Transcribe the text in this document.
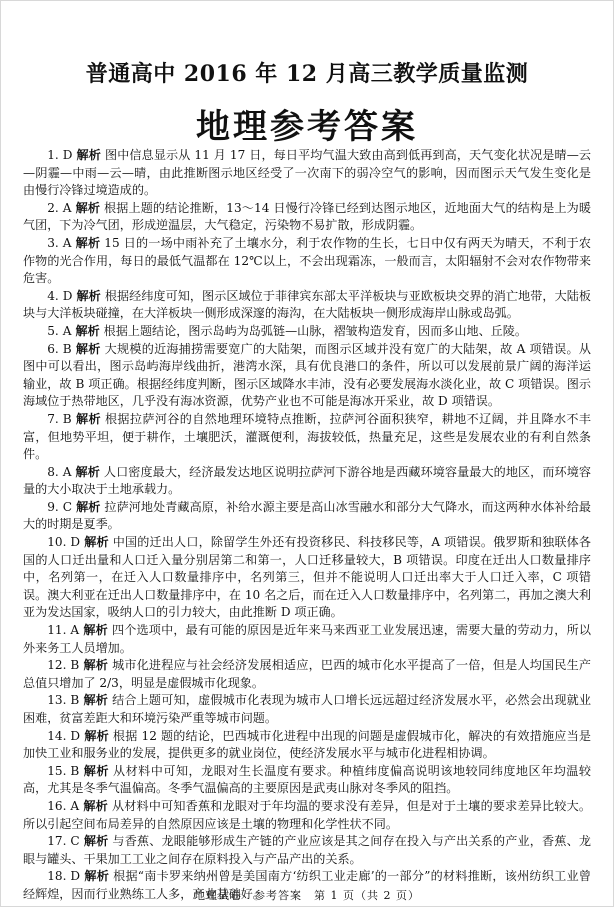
普通高中 2016 年 12 月高三教学质量监测
地理参考答案

1. D 解析 图中信息显示从 11 月 17 日，每日平均气温大致由高到低再到高，天气变化状况是晴—云—阴霾—中雨—云—晴，由此推断图示地区经受了一次南下的弱冷空气的影响，因而图示天气发生变化是由慢行冷锋过境造成的。

2. A 解析 根据上题的结论推断，13～14 日慢行冷锋已经到达图示地区，近地面大气的结构是上为暖气团，下为冷气团，形成逆温层，大气稳定，污染物不易扩散，形成阴霾。

3. A 解析 15 日的一场中雨补充了土壤水分，利于农作物的生长，七日中仅有两天为晴天，不利于农作物的光合作用，每日的最低气温都在 12℃以上，不会出现霜冻，一般而言，太阳辐射不会对农作物带来危害。

4. D 解析 根据经纬度可知，图示区域位于菲律宾东部太平洋板块与亚欧板块交界的消亡地带，大陆板块与大洋板块碰撞，在大洋板块一侧形成深邃的海沟，在大陆板块一侧形成海岸山脉或岛弧。

5. A 解析 根据上题结论，图示岛屿为岛弧链—山脉，褶皱构造发育，因而多山地、丘陵。

6. B 解析 大规模的近海捕捞需要宽广的大陆架，而图示区域并没有宽广的大陆架，故 A 项错误。从图中可以看出，图示岛屿海岸线曲折，港湾水深，具有优良港口的条件，所以可以发展前景广阔的海洋运输业，故 B 项正确。根据经纬度判断，图示区域降水丰沛，没有必要发展海水淡化业，故 C 项错误。图示海域位于热带地区，几乎没有海冰资源，优势产业也不可能是海冰开采业，故 D 项错误。

7. B 解析 根据拉萨河谷的自然地理环境特点推断，拉萨河谷面积狭窄，耕地不辽阔，并且降水不丰富，但地势平坦，便于耕作，土壤肥沃，灌溉便利，海拔较低，热量充足，这些是发展农业的有利自然条件。

8. A 解析 人口密度最大，经济最发达地区说明拉萨河下游谷地是西藏环境容量最大的地区，而环境容量的大小取决于土地承载力。

9. C 解析 拉萨河地处青藏高原，补给水源主要是高山冰雪融水和部分大气降水，而这两种水体补给最大的时期是夏季。

10. D 解析 中国的迁出人口，除留学生外还有投资移民、科技移民等，A 项错误。俄罗斯和独联体各国的人口迁出量和人口迁入量分别居第二和第一，人口迁移量较大，B 项错误。印度在迁出人口数量排序中，名列第一，在迁入人口数量排序中，名列第三，但并不能说明人口迁出率大于人口迁入率，C 项错误。澳大利亚在迁出人口数量排序中，在 10 名之后，而在迁入人口数量排序中，名列第二，再加之澳大利亚为发达国家，吸纳人口的引力较大，由此推断 D 项正确。

11. A 解析 四个选项中，最有可能的原因是近年来马来西亚工业发展迅速，需要大量的劳动力，所以外来务工人员增加。

12. B 解析 城市化进程应与社会经济发展相适应，巴西的城市化水平提高了一倍，但是人均国民生产总值只增加了 2/3，明显是虚假城市化现象。

13. B 解析 结合上题可知，虚假城市化表现为城市人口增长远远超过经济发展水平，必然会出现就业困难，贫富差距大和环境污染严重等城市问题。

14. D 解析 根据 12 题的结论，巴西城市化进程中出现的问题是虚假城市化，解决的有效措施应当是加快工业和服务业的发展，提供更多的就业岗位，使经济发展水平与城市化进程相协调。

15. B 解析 从材料中可知，龙眼对生长温度有要求。种植纬度偏高说明该地较同纬度地区年均温较高，尤其是冬季气温偏高。冬季气温偏高的主要原因是武夷山脉对冬季风的阻挡。

16. A 解析 从材料中可知香蕉和龙眼对于年均温的要求没有差异，但是对于土壤的要求差异比较大。所以引起空间布局差异的自然原因应该是土壤的物理和化学性状不同。

17. C 解析 与香蕉、龙眼能够形成生产链的产业应该是其之间存在投入与产出关系的产业，香蕉、龙眼与罐头、干果加工工业之间存在原料投入与产品产出的关系。

18. D 解析 根据“南卡罗来纳州曾是美国南方‘纺织工业走廊’的一部分”的材料推断，该州纺织工业曾经辉煌，因而行业熟练工人多，产业基础好。

地理试卷　参考答案　第 1 页（共 2 页）
